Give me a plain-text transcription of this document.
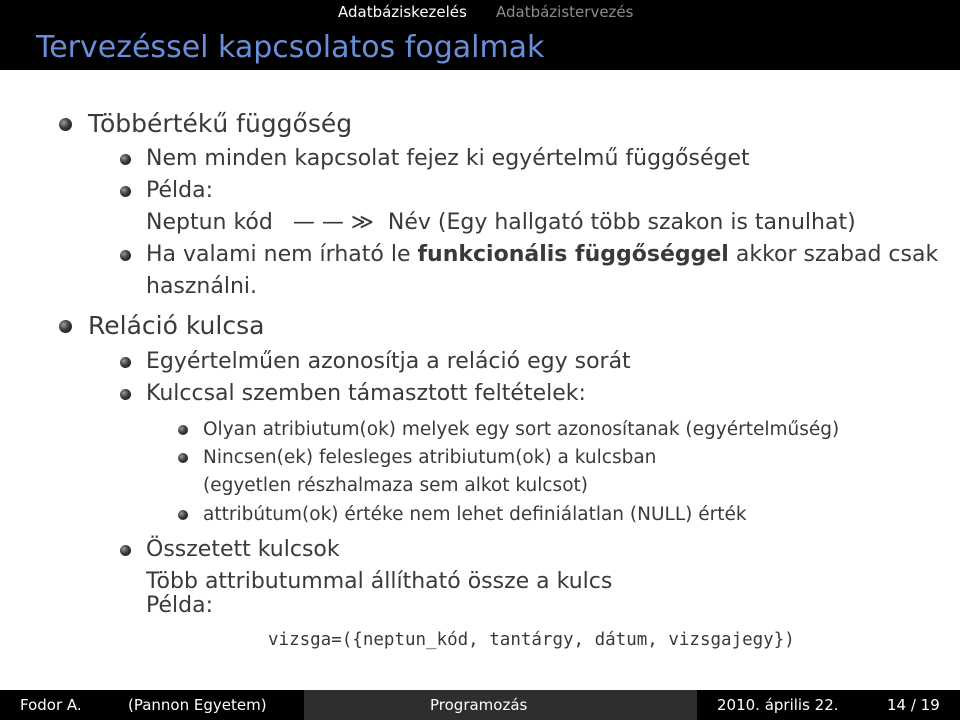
Adatbáziskezelés Adatbázistervezés
Tervezéssel kapcsolatos fogalmak
Többértékű függőség
Nem minden kapcsolat fejez ki egyértelmű függőséget
Példa:
Neptun kód — — ≫ Név (Egy hallgató több szakon is tanulhat)
Ha valami nem írható le funkcionális függőséggel akkor szabad csak
használni.
Reláció kulcsa
Egyértelműen azonosítja a reláció egy sorát
Kulccsal szemben támasztott feltételek:
Olyan atribiutum(ok) melyek egy sort azonosítanak (egyértelműség)
Nincsen(ek) felesleges atribiutum(ok) a kulcsban
(egyetlen részhalmaza sem alkot kulcsot)
attribútum(ok) értéke nem lehet definiálatlan (NULL) érték
Összetett kulcsok
Több attributummal állítható össze a kulcs
Példa:
vizsga=({neptun_kód, tantárgy, dátum, vizsgajegy})
Fodor A.	(Pannon Egyetem)	Programozás	2010. április 22.	14 / 19
